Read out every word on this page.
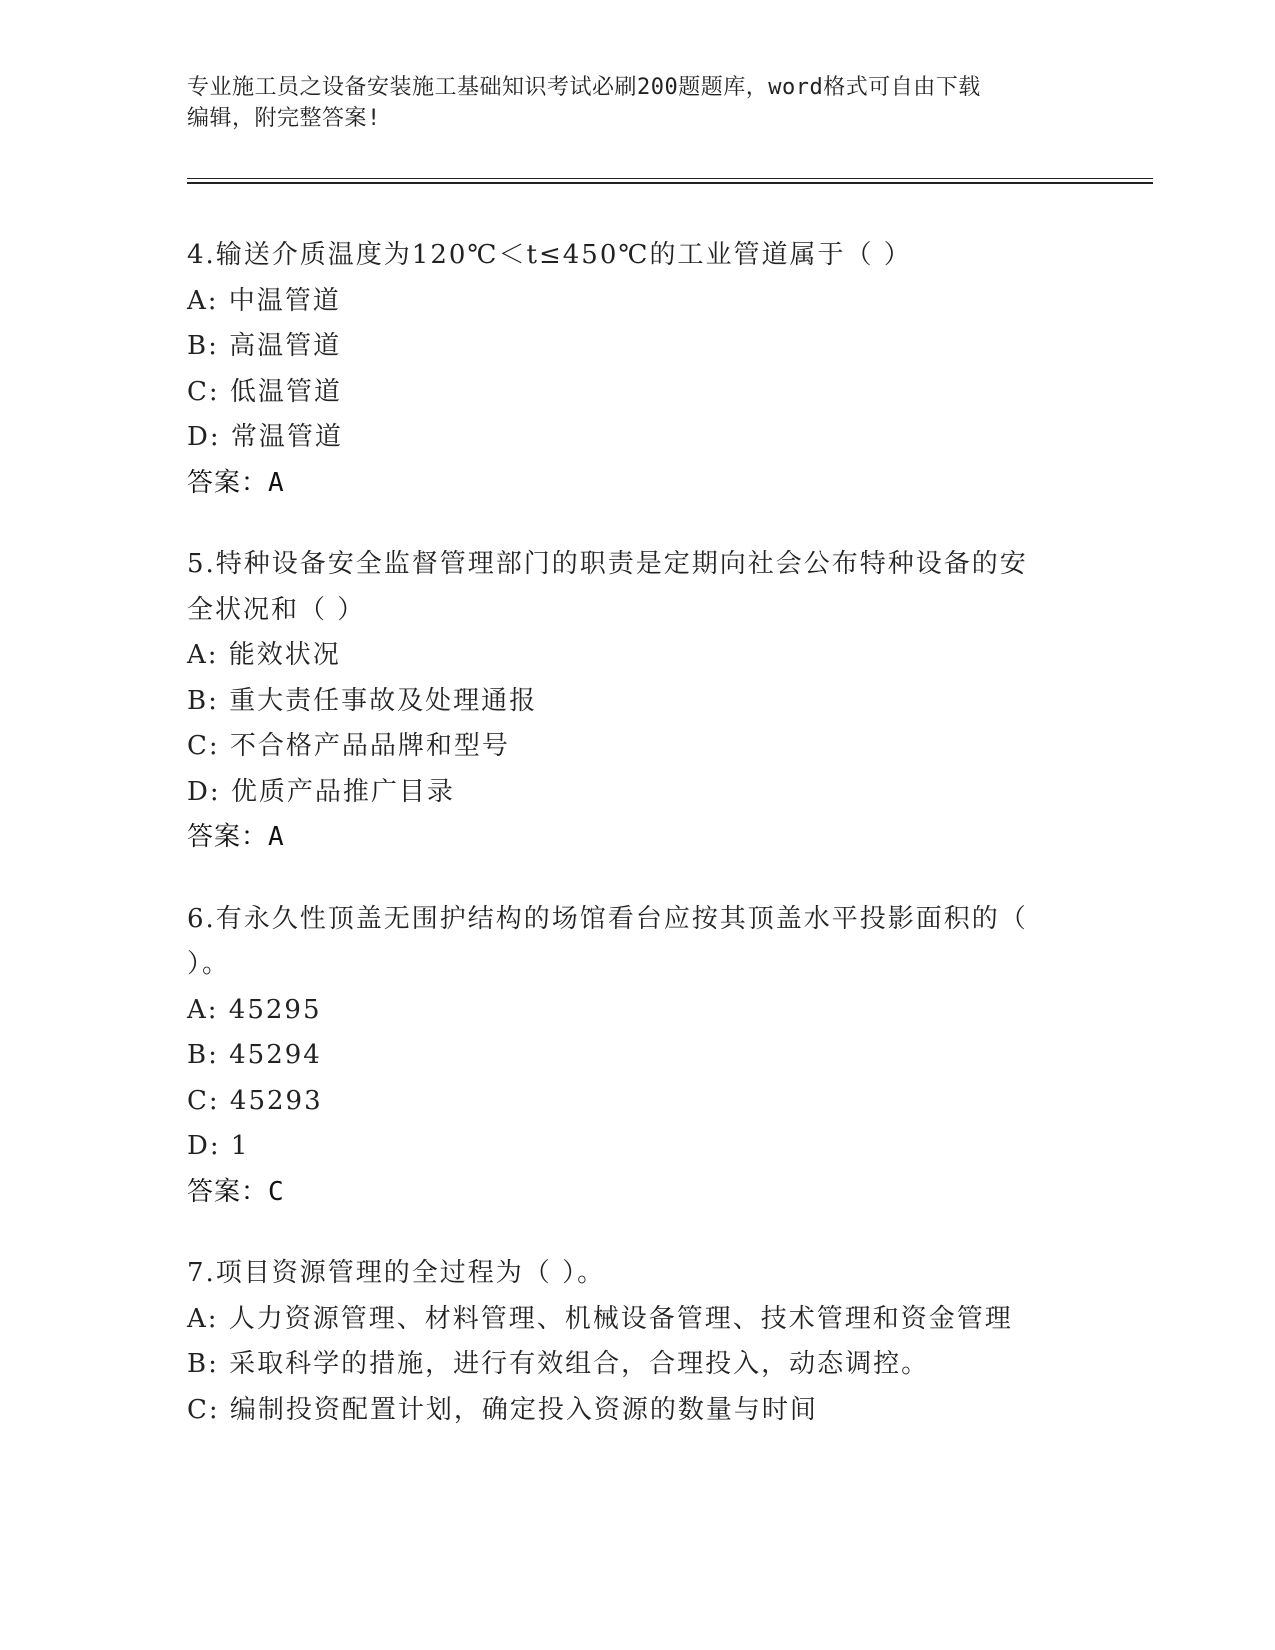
专业施工员之设备安装施工基础知识考试必刷200题题库，word格式可自由下载
编辑，附完整答案!
4.输送介质温度为120℃＜t≤450℃的工业管道属于（ ）
A: 中温管道
B: 高温管道
C: 低温管道
D: 常温管道
答案：A
5.特种设备安全监督管理部门的职责是定期向社会公布特种设备的安
全状况和（ ）
A: 能效状况
B: 重大责任事故及处理通报
C: 不合格产品品牌和型号
D: 优质产品推广目录
答案：A
6.有永久性顶盖无围护结构的场馆看台应按其顶盖水平投影面积的（
）。
A: 45295
B: 45294
C: 45293
D: 1
答案：C
7.项目资源管理的全过程为（ ）。
A: 人力资源管理、材料管理、机械设备管理、技术管理和资金管理
B: 采取科学的措施，进行有效组合，合理投入，动态调控。
C: 编制投资配置计划，确定投入资源的数量与时间
